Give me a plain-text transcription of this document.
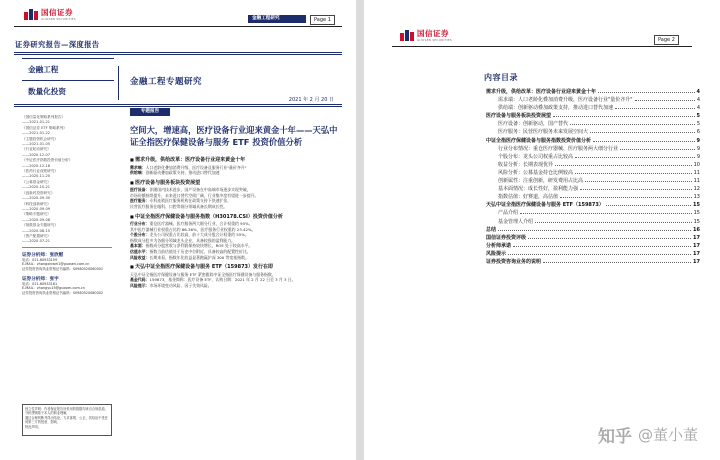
国信证券
GUOSEN SECURITIES	金融工程研究	Page 1
证券研究报告—深度报告
金融工程
数量化投资
金融工程专题研究
2021 年 2 月 20 日
《国信量化策略系列报告》
——2021-01-21
《国信证券 ETF 策略系列》
——2021-01-22
《主题投资机会研究》
——2021-01-05
《行业轮动研究》
——2020-12-07
《中证医疗指数投资价值分析》
——2020-12-18
《医药行业深度研究》
——2020-11-20
《公募基金研究》
——2020-10-21
《创新药投资研究》
——2020-09-30
《科技创新研究》
——2020-09-09
《策略专题研究》
——2020-09-08
《指数基金专题研究》
——2020-08-15
《资产配置研究》
——2020-07-21
证券分析师：张欣慰
电话：021-60933159
E-MAIL：zhangxinwei1@guosen.com.cn
证券投资咨询执业资格证书编码：S0980520060001
证券分析师：张宇
电话：021-60933181
E-MAIL：zhangyu15@guosen.com.cn
证券投资咨询执业资格证书编码：S0980520080002
独立性声明：作者保证报告所采用的数据均来自合规渠道，分析逻辑基于本人的职业理解，
通过合理判断并得出结论，力求客观、公正，其结论不受任何第三方的授意、影响，
特此声明。
专题报告
空间大，增速高，医疗设备行业迎来黄金十年——天弘中证全指医疗保健设备与服务 ETF 投资价值分析
■ 需求升级，供给改革：医疗设备行业迎来黄金十年
需求端：人口老龄化叠加消费升级，医疗设备及服务行业"量价齐升"
供给端：创新驱动叠加政策支持，推动进口替代加速
■ 医疗设备与服务板块投资展望
医疗设备：伴随国内技术进步，国产设备在中高端市场逐步实现突破，
市场份额持续提升，未来进口替代空间广阔，行业集中度有望进一步提升。
医疗服务：专科连锁医疗服务机构在政策支持下快速扩张，
民营医疗服务在眼科、口腔等细分领域具备长期成长性。
■ 中证全指医疗保健设备与服务指数（H30178.CSI）投资价值分析
行业分布：重仓医疗器械、医疗服务两大细分行业，合计权重约 95%，
其中医疗器械行业权重占比约 66.36%，医疗服务行业权重约 23.42%。
个股分布：龙头公司权重占比较高，前十大成分股合计权重约 55%。
指数成分股多为各细分领域龙头企业，具备较强的盈利能力。
基本面：指数成分股营收与净利润保持较快增长，ROE 处于较高水平。
估值水平：指数当前估值处于历史中位附近，具备较高的配置性价比。
风险收益：长期来看，指数年化收益显著跑赢沪深 300 等宽基指数。
■ 天弘中证全指医疗保健设备与服务 ETF（159873）发行在即
天弘中证全指医疗保健设备与服务 ETF 紧密跟踪中证全指医疗保健设备与服务指数，
基金代码：159873，基金简称：医疗设备 ETF，认购日期：2021 年 2 月 22 日至 3 月 3 日。
风险提示：市场环境变动风险、因子失效风险。
国信证券
GUOSEN SECURITIES	Page 2
内容目录
需求升级，供给改革：医疗设备行业迎来黄金十年	4
需求端：人口老龄化叠加消费升级，医疗设备行业"量价齐升"	4
供给端：创新驱动叠加政策支持，推动进口替代加速	4
医疗设备与服务板块投资展望	5
医疗设备：创新驱动，国产替代	5
医疗服务：民营医疗服务未来发展空间大	6
中证全指医疗保健设备与服务指数投资价值分析	9
行业分布情况：重仓医疗器械、医疗服务两大细分行业	9
个股分布：龙头公司权重占比较高	9
收益分析：长期表现优异	10
风险分析：公募基金持仓比例较高	11
创新属性：注重创新，研发费用占比高	11
基本面情况：成长性好，盈利能力强	12
指数估值：好赛道，高估值	13
天弘中证全指医疗保健设备与服务 ETF（159873）	15
产品介绍	15
基金管理人介绍	15
总结	16
国信证券投资评级	17
分析师承诺	17
风险提示	17
证券投资咨询业务的说明	17
知乎 @董小董
